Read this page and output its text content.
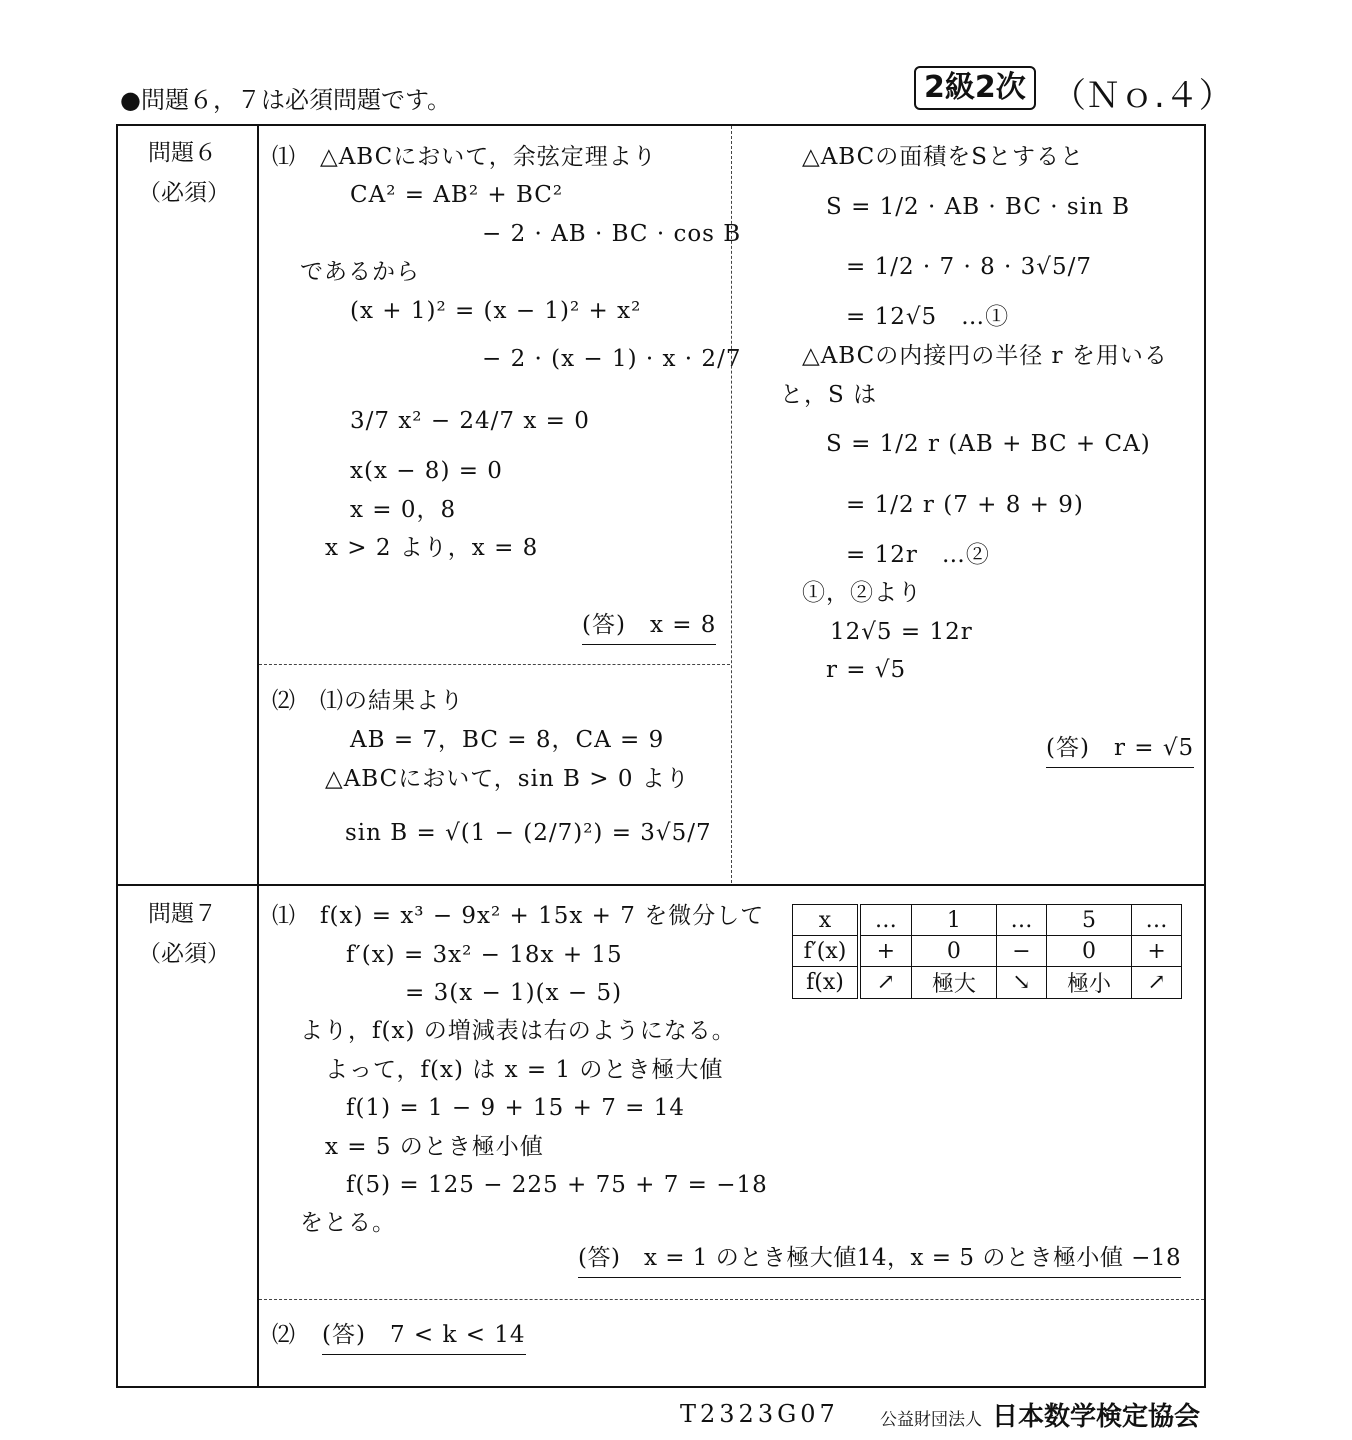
●問題６，７は必須問題です。	2級2次 （Ｎｏ.４）
問題６
（必須）
⑴　△ABCにおいて，余弦定理より
CA² = AB² + BC²
− 2 · AB · BC · cos B
であるから
(x + 1)² = (x − 1)² + x²
− 2 · (x − 1) · x · 2/7
3/7 x² − 24/7 x = 0
x(x − 8) = 0
x = 0，8
x > 2 より，x = 8
(答)　x = 8
⑵　⑴の結果より
AB = 7，BC = 8，CA = 9
△ABCにおいて，sin B > 0 より
sin B = √(1 − (2/7)²) = 3√5/7
△ABCの面積をSとすると
S = 1/2 · AB · BC · sin B
= 1/2 · 7 · 8 · 3√5/7
= 12√5　…①
△ABCの内接円の半径 r を用いる
と，S は
S = 1/2 r (AB + BC + CA)
= 1/2 r (7 + 8 + 9)
= 12r　…②
①，②より
12√5 = 12r
r = √5
(答)　r = √5
問題７
（必須）
⑴　f(x) = x³ − 9x² + 15x + 7 を微分して
f′(x) = 3x² − 18x + 15
= 3(x − 1)(x − 5)
より，f(x) の増減表は右のようになる。
よって，f(x) は x = 1 のとき極大値
f(1) = 1 − 9 + 15 + 7 = 14
x = 5 のとき極小値
f(5) = 125 − 225 + 75 + 7 = −18
をとる。
(答)　x = 1 のとき極大値14，x = 5 のとき極小値 −18
x	…	1	…	5	…
f′(x)	+	0	−	0	+
f(x)	↗	極大	↘	極小	↗
⑵ (答)　7 < k < 14
T2323G07 公益財団法人 日本数学検定協会
